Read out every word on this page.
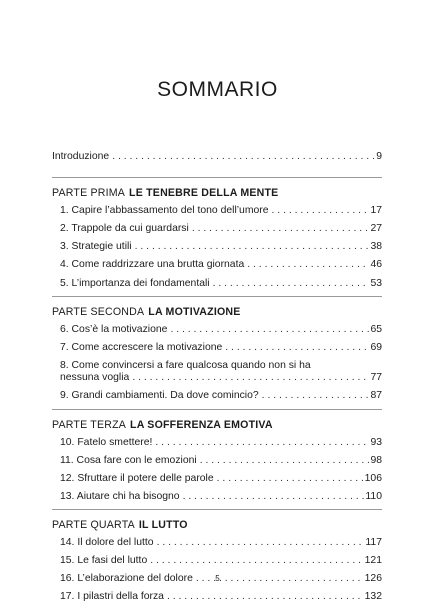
SOMMARIO
Introduzione . . .	9
PARTE PRIMA LE TENEBRE DELLA MENTE
1. Capire l’abbassamento del tono dell’umore . . .	17
2. Trappole da cui guardarsi . . .	27
3. Strategie utili . . .	38
4. Come raddrizzare una brutta giornata . . .	46
5. L’importanza dei fondamentali . . .	53
PARTE SECONDA LA MOTIVAZIONE
6. Cos’è la motivazione . . .	65
7. Come accrescere la motivazione . . .	69
8. Come convincersi a fare qualcosa quando non si ha
nessuna voglia . . .	77
9. Grandi cambiamenti. Da dove comincio? . . .	87
PARTE TERZA LA SOFFERENZA EMOTIVA
10. Fatelo smettere! . . .	93
11. Cosa fare con le emozioni . . .	98
12. Sfruttare il potere delle parole . . .	106
13. Aiutare chi ha bisogno . . .	110
PARTE QUARTA IL LUTTO
14. Il dolore del lutto . . .	117
15. Le fasi del lutto . . .	121
16. L’elaborazione del dolore . . .	126
17. I pilastri della forza . . .	132
5
